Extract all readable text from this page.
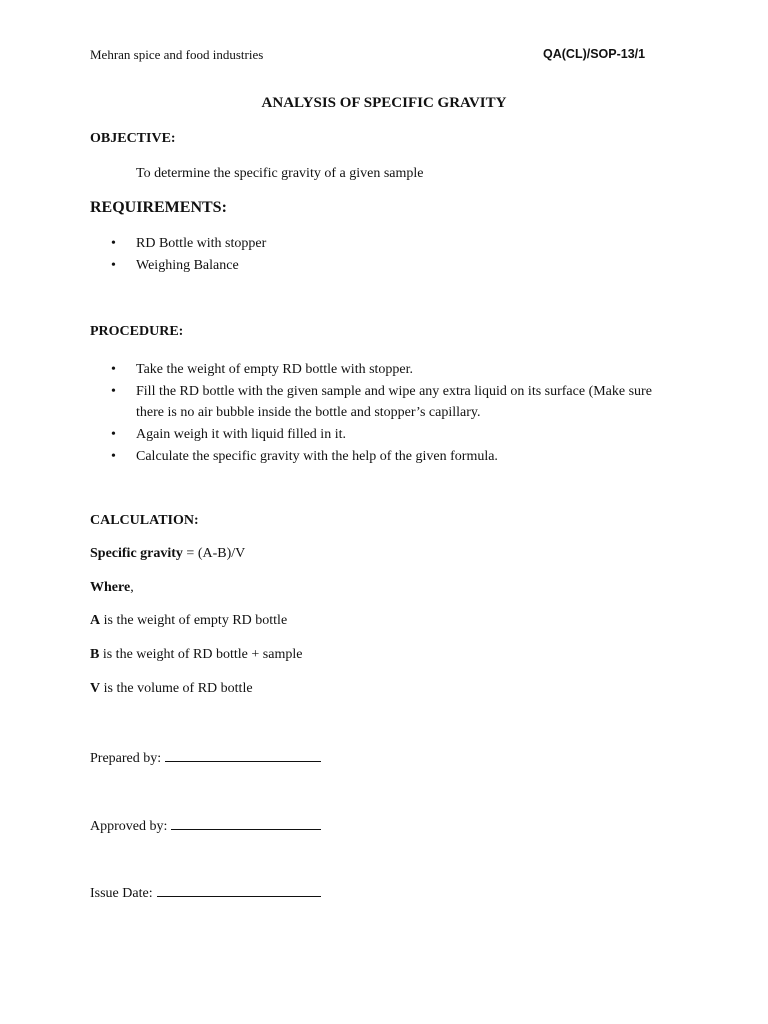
Mehran spice and food industries	QA(CL)/SOP-13/1
ANALYSIS OF SPECIFIC GRAVITY
OBJECTIVE:
To determine the specific gravity of a given sample
REQUIREMENTS:
• RD Bottle with stopper
• Weighing Balance
PROCEDURE:
• Take the weight of empty RD bottle with stopper.
• Fill the RD bottle with the given sample and wipe any extra liquid on its surface (Make sure there is no air bubble inside the bottle and stopper’s capillary.
• Again weigh it with liquid filled in it.
• Calculate the specific gravity with the help of the given formula.
CALCULATION:
Specific gravity = (A-B)/V
Where,
A is the weight of empty RD bottle
B is the weight of RD bottle + sample
V is the volume of RD bottle
Prepared by:
Approved by:
Issue Date:
